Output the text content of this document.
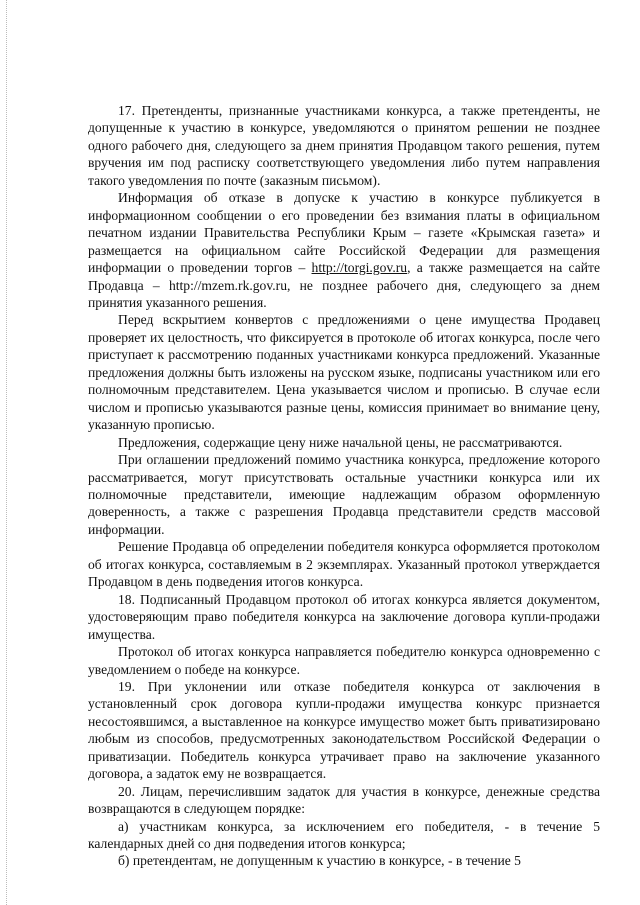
17. Претенденты, признанные участниками конкурса, а также претенденты, не допущенные к участию в конкурсе, уведомляются о принятом решении не позднее одного рабочего дня, следующего за днем принятия Продавцом такого решения, путем вручения им под расписку соответствующего уведомления либо путем направления такого уведомления по почте (заказным письмом).

Информация об отказе в допуске к участию в конкурсе публикуется в информационном сообщении о его проведении без взимания платы в официальном печатном издании Правительства Республики Крым – газете «Крымская газета» и размещается на официальном сайте Российской Федерации для размещения информации о проведении торгов – http://torgi.gov.ru, а также размещается на сайте Продавца – http://mzem.rk.gov.ru, не позднее рабочего дня, следующего за днем принятия указанного решения.

Перед вскрытием конвертов с предложениями о цене имущества Продавец проверяет их целостность, что фиксируется в протоколе об итогах конкурса, после чего приступает к рассмотрению поданных участниками конкурса предложений. Указанные предложения должны быть изложены на русском языке, подписаны участником или его полномочным представителем. Цена указывается числом и прописью. В случае если числом и прописью указываются разные цены, комиссия принимает во внимание цену, указанную прописью.

Предложения, содержащие цену ниже начальной цены, не рассматриваются.

При оглашении предложений помимо участника конкурса, предложение которого рассматривается, могут присутствовать остальные участники конкурса или их полномочные представители, имеющие надлежащим образом оформленную доверенность, а также с разрешения Продавца представители средств массовой информации.

Решение Продавца об определении победителя конкурса оформляется протоколом об итогах конкурса, составляемым в 2 экземплярах. Указанный протокол утверждается Продавцом в день подведения итогов конкурса.

18. Подписанный Продавцом протокол об итогах конкурса является документом, удостоверяющим право победителя конкурса на заключение договора купли-продажи имущества.

Протокол об итогах конкурса направляется победителю конкурса одновременно с уведомлением о победе на конкурсе.

19. При уклонении или отказе победителя конкурса от заключения в установленный срок договора купли-продажи имущества конкурс признается несостоявшимся, а выставленное на конкурсе имущество может быть приватизировано любым из способов, предусмотренных законодательством Российской Федерации о приватизации. Победитель конкурса утрачивает право на заключение указанного договора, а задаток ему не возвращается.

20. Лицам, перечислившим задаток для участия в конкурсе, денежные средства возвращаются в следующем порядке:

а) участникам конкурса, за исключением его победителя, - в течение 5 календарных дней со дня подведения итогов конкурса;

б) претендентам, не допущенным к участию в конкурсе, - в течение 5
